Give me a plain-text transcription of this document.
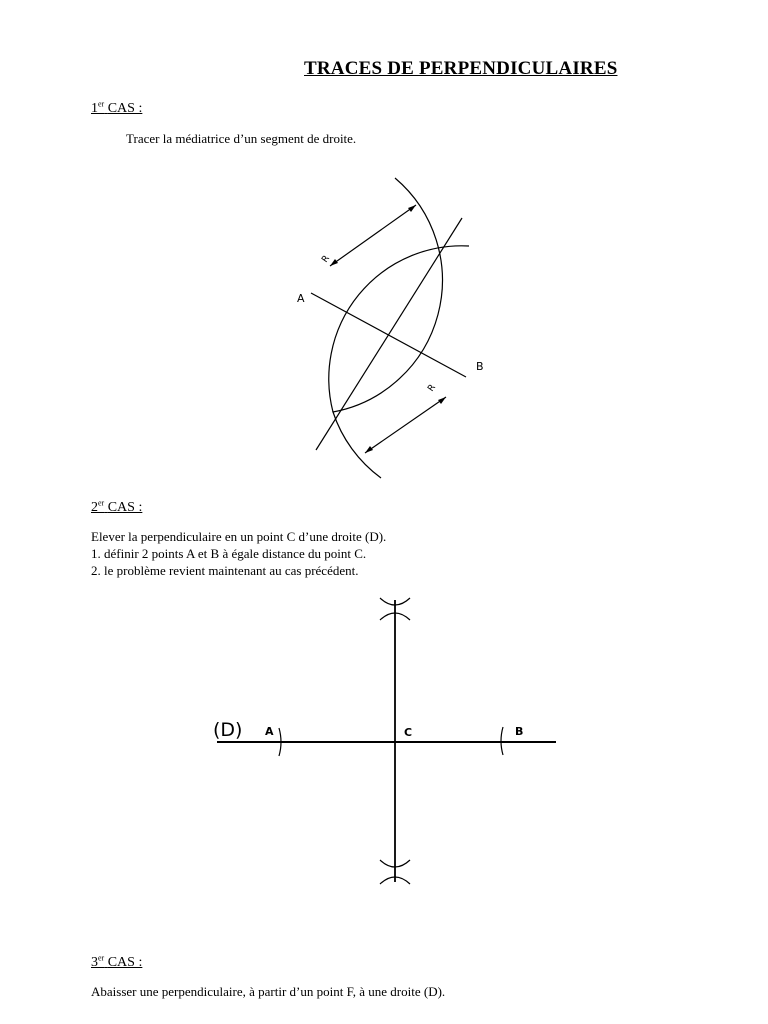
TRACES DE PERPENDICULAIRES
1er CAS :
Tracer la médiatrice d’un segment de droite.
A
B
R
R
(D) A	C	B
2er CAS :
Elever la perpendiculaire en un point C d’une droite (D).
1. définir 2 points A et B à égale distance du point C.
2. le problème revient maintenant au cas précédent.
3er CAS :
Abaisser une perpendiculaire, à partir d’un point F, à une droite (D).
